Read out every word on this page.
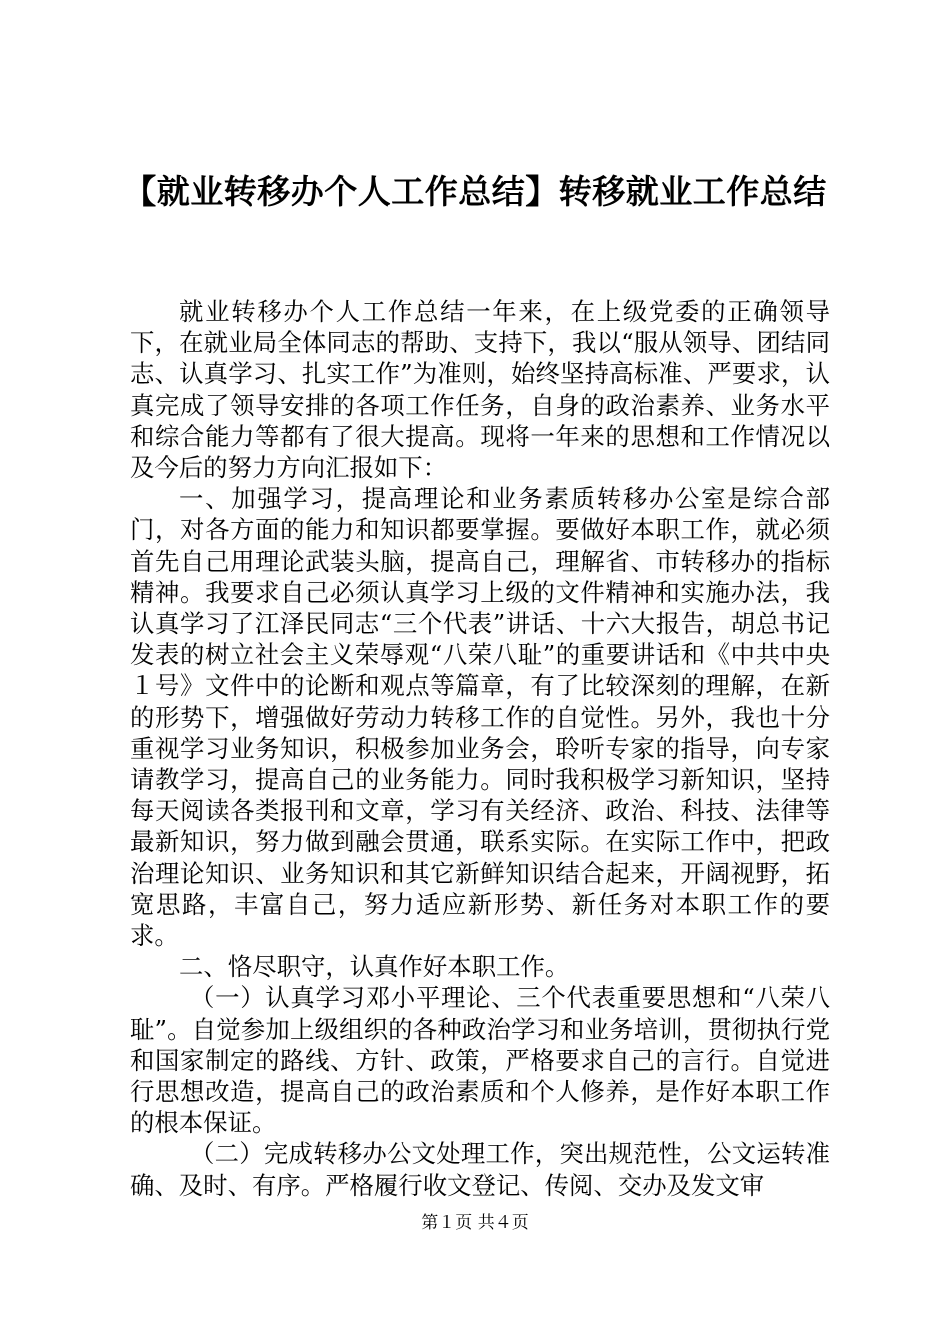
【就业转移办个人工作总结】转移就业工作总结

就业转移办个人工作总结一年来，在上级党委的正确领导下，在就业局全体同志的帮助、支持下，我以“服从领导、团结同志、认真学习、扎实工作”为准则，始终坚持高标准、严要求，认真完成了领导安排的各项工作任务，自身的政治素养、业务水平和综合能力等都有了很大提高。现将一年来的思想和工作情况以及今后的努力方向汇报如下：

一、加强学习，提高理论和业务素质转移办公室是综合部门，对各方面的能力和知识都要掌握。要做好本职工作，就必须首先自己用理论武装头脑，提高自己，理解省、市转移办的指标精神。我要求自己必须认真学习上级的文件精神和实施办法，我认真学习了江泽民同志“三个代表”讲话、十六大报告，胡总书记发表的树立社会主义荣辱观“八荣八耻”的重要讲话和《中共中央１号》文件中的论断和观点等篇章，有了比较深刻的理解，在新的形势下，增强做好劳动力转移工作的自觉性。另外，我也十分重视学习业务知识，积极参加业务会，聆听专家的指导，向专家请教学习，提高自己的业务能力。同时我积极学习新知识，坚持每天阅读各类报刊和文章，学习有关经济、政治、科技、法律等最新知识，努力做到融会贯通，联系实际。在实际工作中，把政治理论知识、业务知识和其它新鲜知识结合起来，开阔视野，拓宽思路，丰富自己，努力适应新形势、新任务对本职工作的要求。

二、恪尽职守，认真作好本职工作。

（一）认真学习邓小平理论、三个代表重要思想和“八荣八耻”。自觉参加上级组织的各种政治学习和业务培训，贯彻执行党和国家制定的路线、方针、政策，严格要求自己的言行。自觉进行思想改造，提高自己的政治素质和个人修养，是作好本职工作的根本保证。

（二）完成转移办公文处理工作，突出规范性，公文运转准确、及时、有序。严格履行收文登记、传阅、交办及发文审

第１页 共４页
